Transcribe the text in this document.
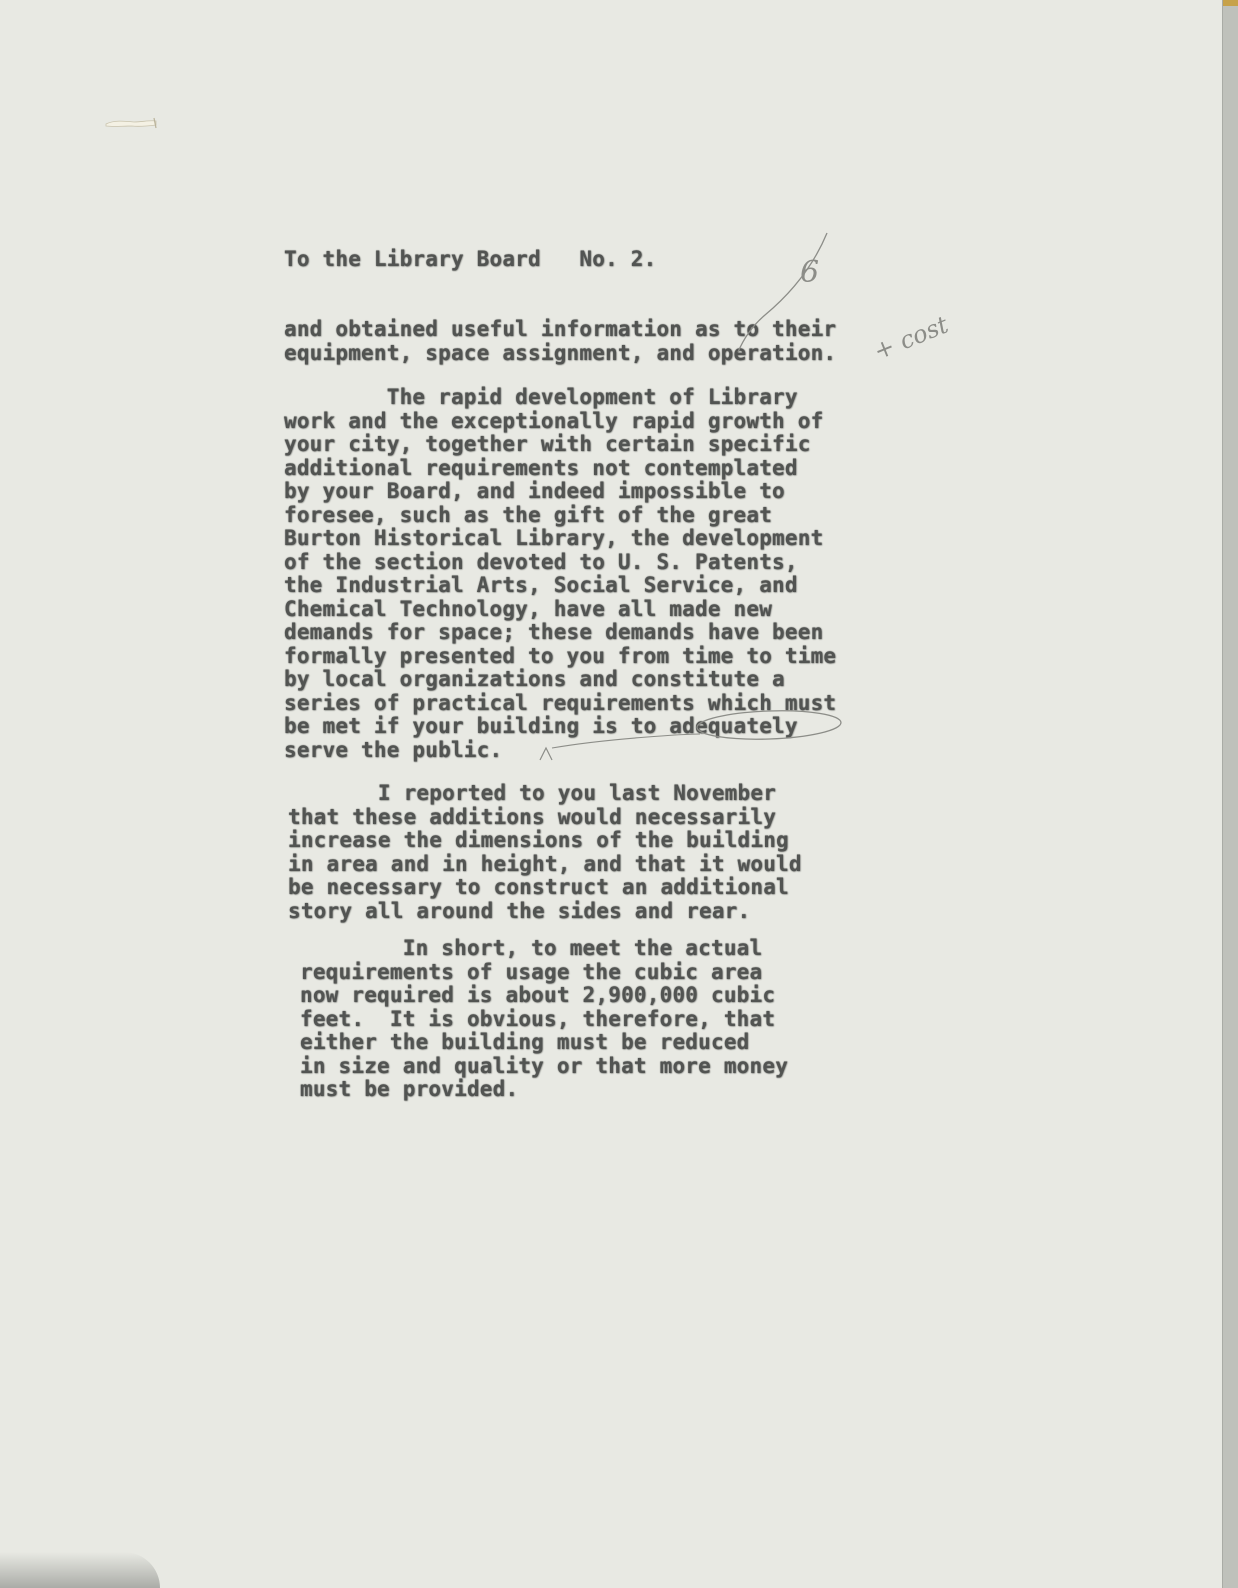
To the Library Board   No. 2.

and obtained useful information as to their
equipment, space assignment, and operation.

The rapid development of Library
work and the exceptionally rapid growth of
your city, together with certain specific
additional requirements not contemplated
by your Board, and indeed impossible to
foresee, such as the gift of the great
Burton Historical Library, the development
of the section devoted to U. S. Patents,
the Industrial Arts, Social Service, and
Chemical Technology, have all made new
demands for space; these demands have been
formally presented to you from time to time
by local organizations and constitute a
series of practical requirements which must
be met if your building is to adequately
serve the public.

I reported to you last November
that these additions would necessarily
increase the dimensions of the building
in area and in height, and that it would
be necessary to construct an additional
story all around the sides and rear.

In short, to meet the actual
requirements of usage the cubic area
now required is about 2,900,000 cubic
feet.  It is obvious, therefore, that
either the building must be reduced
in size and quality or that more money
must be provided.

6
+ cost
